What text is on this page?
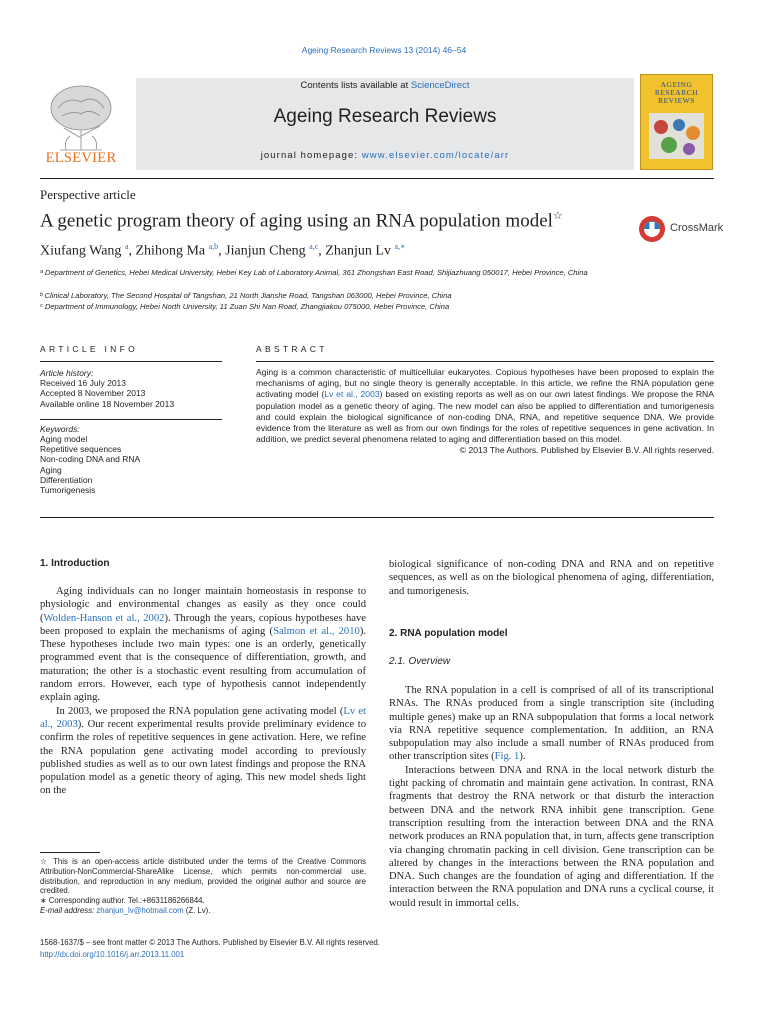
Ageing Research Reviews 13 (2014) 46–54
ELSEVIER
Contents lists available at ScienceDirect
Ageing Research Reviews
journal homepage: www.elsevier.com/locate/arr
AGEING RESEARCH REVIEWS
Perspective article
A genetic program theory of aging using an RNA population model☆
CrossMark
Xiufang Wang $^a$, Zhihong Ma $^{a,b}$, Jianjun Cheng $^{a,c}$, Zhanjun Lv $^{a,∗}$
ᵃ Department of Genetics, Hebei Medical University, Hebei Key Lab of Laboratory Animal, 361 Zhongshan East Road, Shijiazhuang 050017, Hebei Province, China
ᵇ Clinical Laboratory, The Second Hospital of Tangshan, 21 North Jianshe Road, Tangshan 063000, Hebei Province, China
ᶜ Department of Immunology, Hebei North University, 11 Zuan Shi Nan Road, Zhangjiakou 075000, Hebei Province, China
ARTICLE INFO	ABSTRACT
Article history:
Received 16 July 2013
Accepted 8 November 2013
Available online 18 November 2013
Keywords:
Aging model
Repetitive sequences
Non-coding DNA and RNA
Aging
Differentiation
Tumorigenesis
Aging is a common characteristic of multicellular eukaryotes. Copious hypotheses have been proposed to explain the mechanisms of aging, but no single theory is generally acceptable. In this article, we refine the RNA population gene activating model (Lv et al., 2003) based on existing reports as well as on our own latest findings. We propose the RNA population model as a genetic theory of aging. The new model can also be applied to differentiation and tumorigenesis and could explain the biological significance of non-coding DNA, RNA, and repetitive sequence DNA. We provide evidence from the literature as well as from our own findings for the roles of repetitive sequences in gene activation. In addition, we predict several phenomena related to aging and differentiation based on this model.
© 2013 The Authors. Published by Elsevier B.V. All rights reserved.
1. Introduction

Aging individuals can no longer maintain homeostasis in response to physiologic and environmental changes as easily as they once could (Wolden-Hanson et al., 2002). Through the years, copious hypotheses have been proposed to explain the mechanisms of aging (Salmon et al., 2010). These hypotheses include two main types: one is an orderly, genetically programmed event that is the consequence of differentiation, growth, and maturation; the other is a stochastic event resulting from accumulation of random errors. However, each type of hypothesis cannot independently explain aging.

In 2003, we proposed the RNA population gene activating model (Lv et al., 2003). Our recent experimental results provide preliminary evidence to confirm the roles of repetitive sequences in gene activation. Here, we refine the RNA population gene activating model according to previously published studies as well as to our own latest findings and propose the RNA population model as a genetic theory of aging. This new model sheds light on the

biological significance of non-coding DNA and RNA and on repetitive sequences, as well as on the biological phenomena of aging, differentiation, and tumorigenesis.

2. RNA population model
2.1. Overview

The RNA population in a cell is comprised of all of its transcriptional RNAs. The RNAs produced from a single transcription site (including multiple genes) make up an RNA subpopulation that forms a local network via RNA repetitive sequence complementation. In addition, an RNA subpopulation may also include a small number of RNAs produced from other transcription sites (Fig. 1).

Interactions between DNA and RNA in the local network disturb the tight packing of chromatin and maintain gene activation. In contrast, RNA fragments that destroy the RNA network or that disturb the interaction between DNA and the network RNA inhibit gene transcription. Gene transcription resulting from the interaction between DNA and the RNA network produces an RNA population that, in turn, affects gene transcription via changing chromatin packing in cell division. Gene transcription can be altered by changes in the interactions between the RNA population and DNA. Such changes are the foundation of aging and differentiation. If the interaction between the RNA population and DNA runs a cyclical course, it would result in immortal cells.

☆ This is an open-access article distributed under the terms of the Creative Commons Attribution-NonCommercial-ShareAlike License, which permits non-commercial use, distribution, and reproduction in any medium, provided the original author and source are credited.
∗ Corresponding author. Tel.:+8631186266844.
E-mail address: zhanjun_lv@hotmail.com (Z. Lv).
1568-1637/$ – see front matter © 2013 The Authors. Published by Elsevier B.V. All rights reserved.
http://dx.doi.org/10.1016/j.arr.2013.11.001
